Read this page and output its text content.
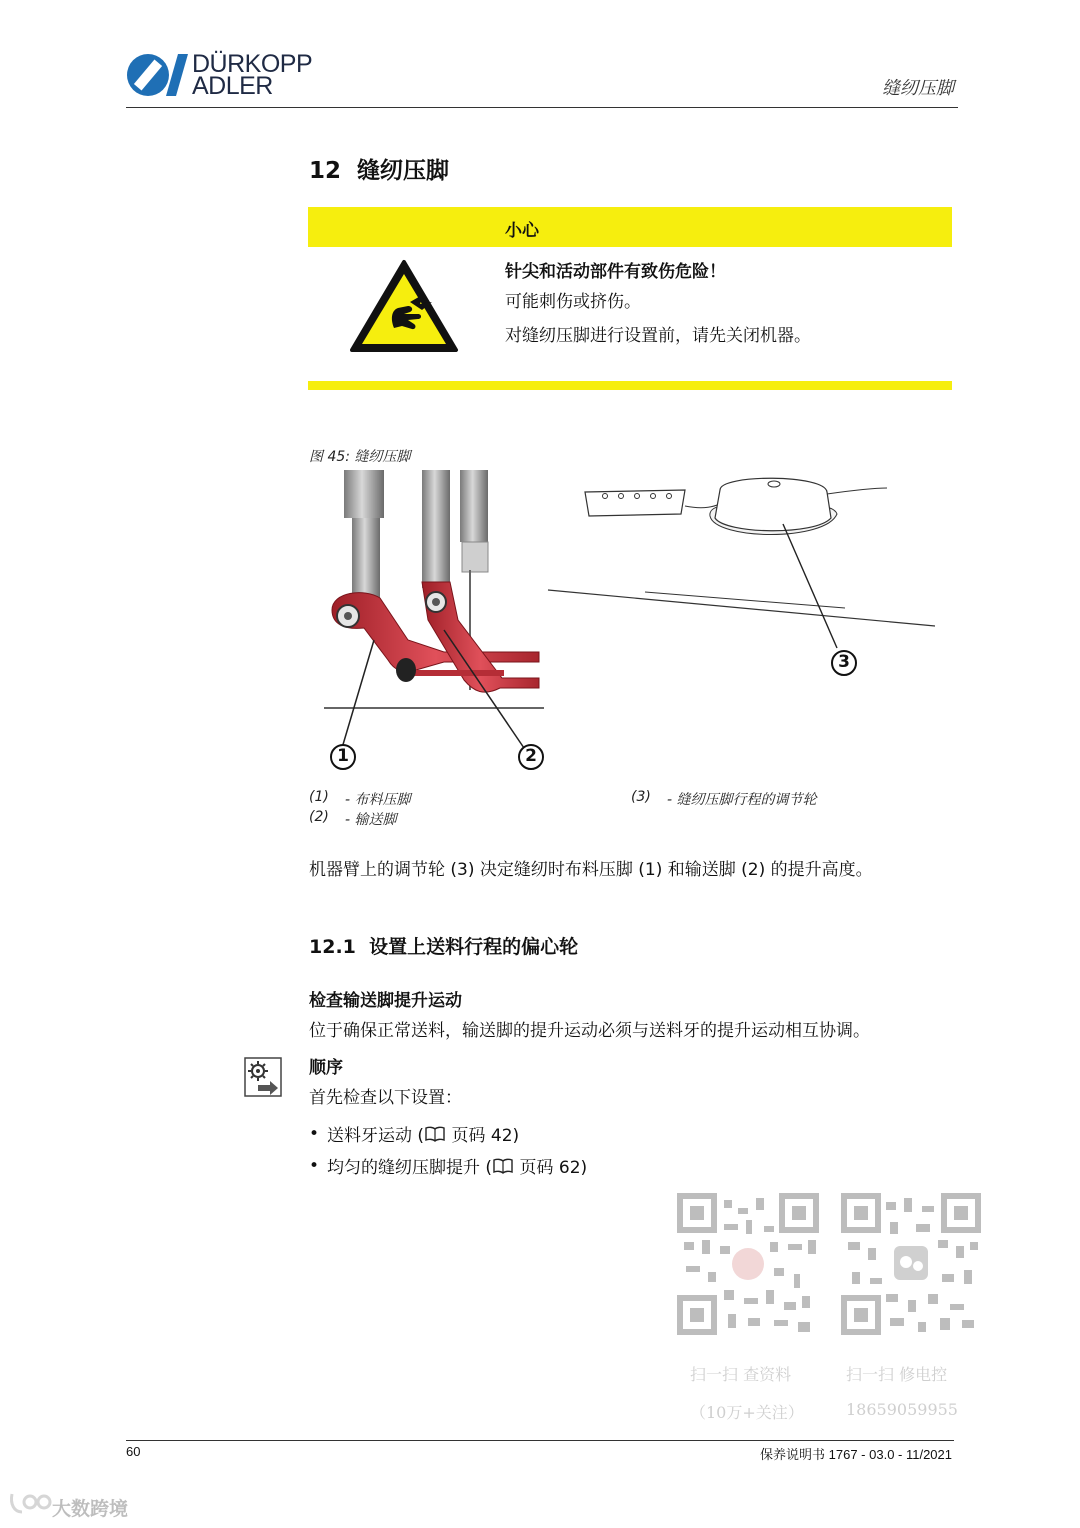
DÜRKOPP
ADLER	缝纫压脚
12  缝纫压脚
小心
针尖和活动部件有致伤危险！
可能刺伤或挤伤。
对缝纫压脚进行设置前，请先关闭机器。
图 45: 缝纫压脚
1	2
3
(1) - 布料压脚
(2) - 输送脚
(3) - 缝纫压脚行程的调节轮
机器臂上的调节轮 (3) 决定缝纫时布料压脚 (1) 和输送脚 (2) 的提升高度。
12.1  设置上送料行程的偏心轮
检查输送脚提升运动
位于确保正常送料，输送脚的提升运动必须与送料牙的提升运动相互协调。
顺序
首先检查以下设置：
• 送料牙运动 ( 页码 42)
• 均匀的缝纫压脚提升 ( 页码 62)
扫一扫 查资料
（10万+关注）
扫一扫 修电控
18659059955
60	保养说明书 1767 - 03.0 - 11/2021
大数跨境
